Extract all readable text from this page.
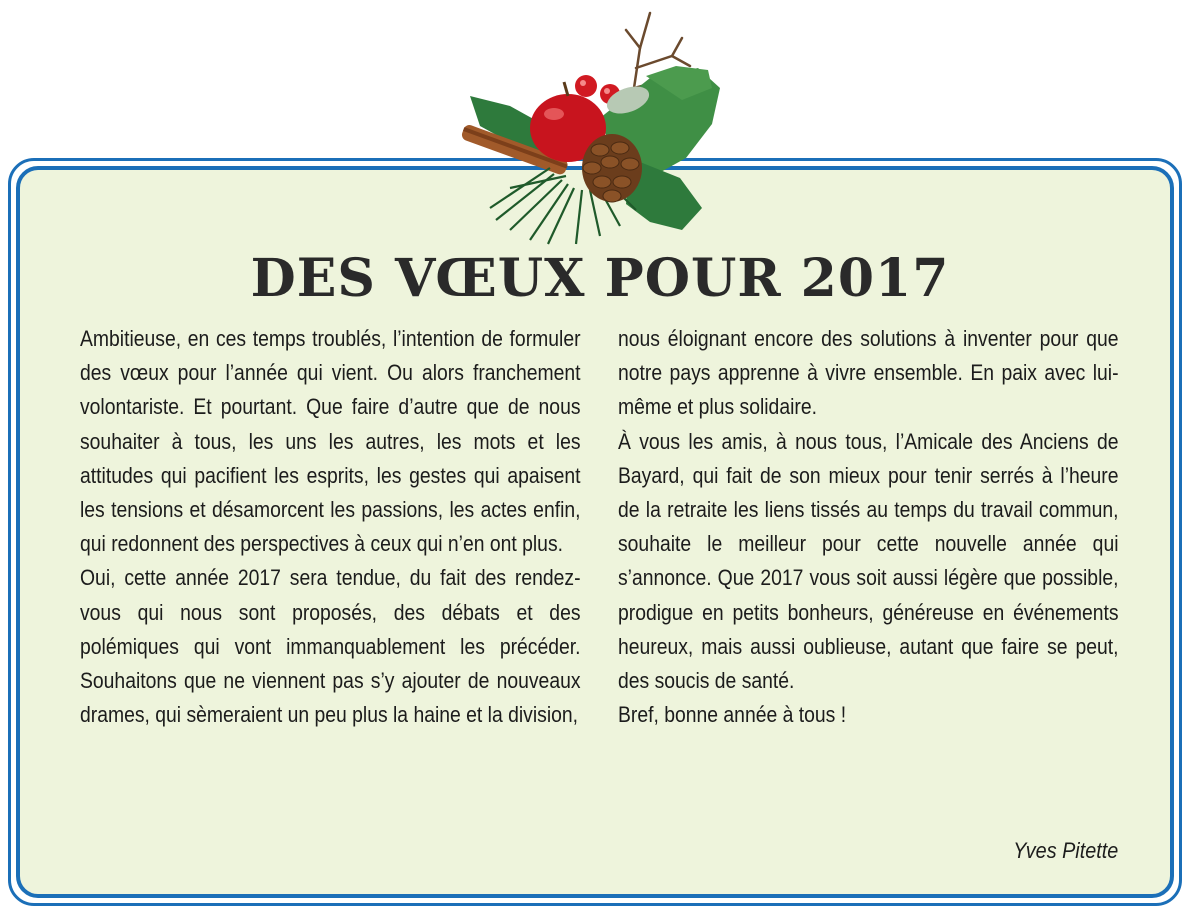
DES VŒUX POUR 2017

Ambitieuse, en ces temps troublés, l’intention de formuler des vœux pour l’année qui vient. Ou alors franchement volontariste. Et pourtant. Que faire d’autre que de nous souhaiter à tous, les uns les autres, les mots et les attitudes qui pacifient les esprits, les gestes qui apaisent les tensions et désamorcent les passions, les actes enfin, qui redonnent des perspectives à ceux qui n’en ont plus.

Oui, cette année 2017 sera tendue, du fait des rendez-vous qui nous sont proposés, des débats et des polémiques qui vont immanquablement les précéder. Souhaitons que ne viennent pas s’y ajouter de nouveaux drames, qui sèmeraient un peu plus la haine et la division,

nous éloignant encore des solutions à inventer pour que notre pays apprenne à vivre ensemble. En paix avec lui-même et plus solidaire.

À vous les amis, à nous tous, l’Amicale des Anciens de Bayard, qui fait de son mieux pour tenir serrés à l’heure de la retraite les liens tissés au temps du travail commun, souhaite le meilleur pour cette nouvelle année qui s’annonce. Que 2017 vous soit aussi légère que possible, prodigue en petits bonheurs, généreuse en événements heureux, mais aussi oublieuse, autant que faire se peut, des soucis de santé.

Bref, bonne année à tous !

Yves Pitette
